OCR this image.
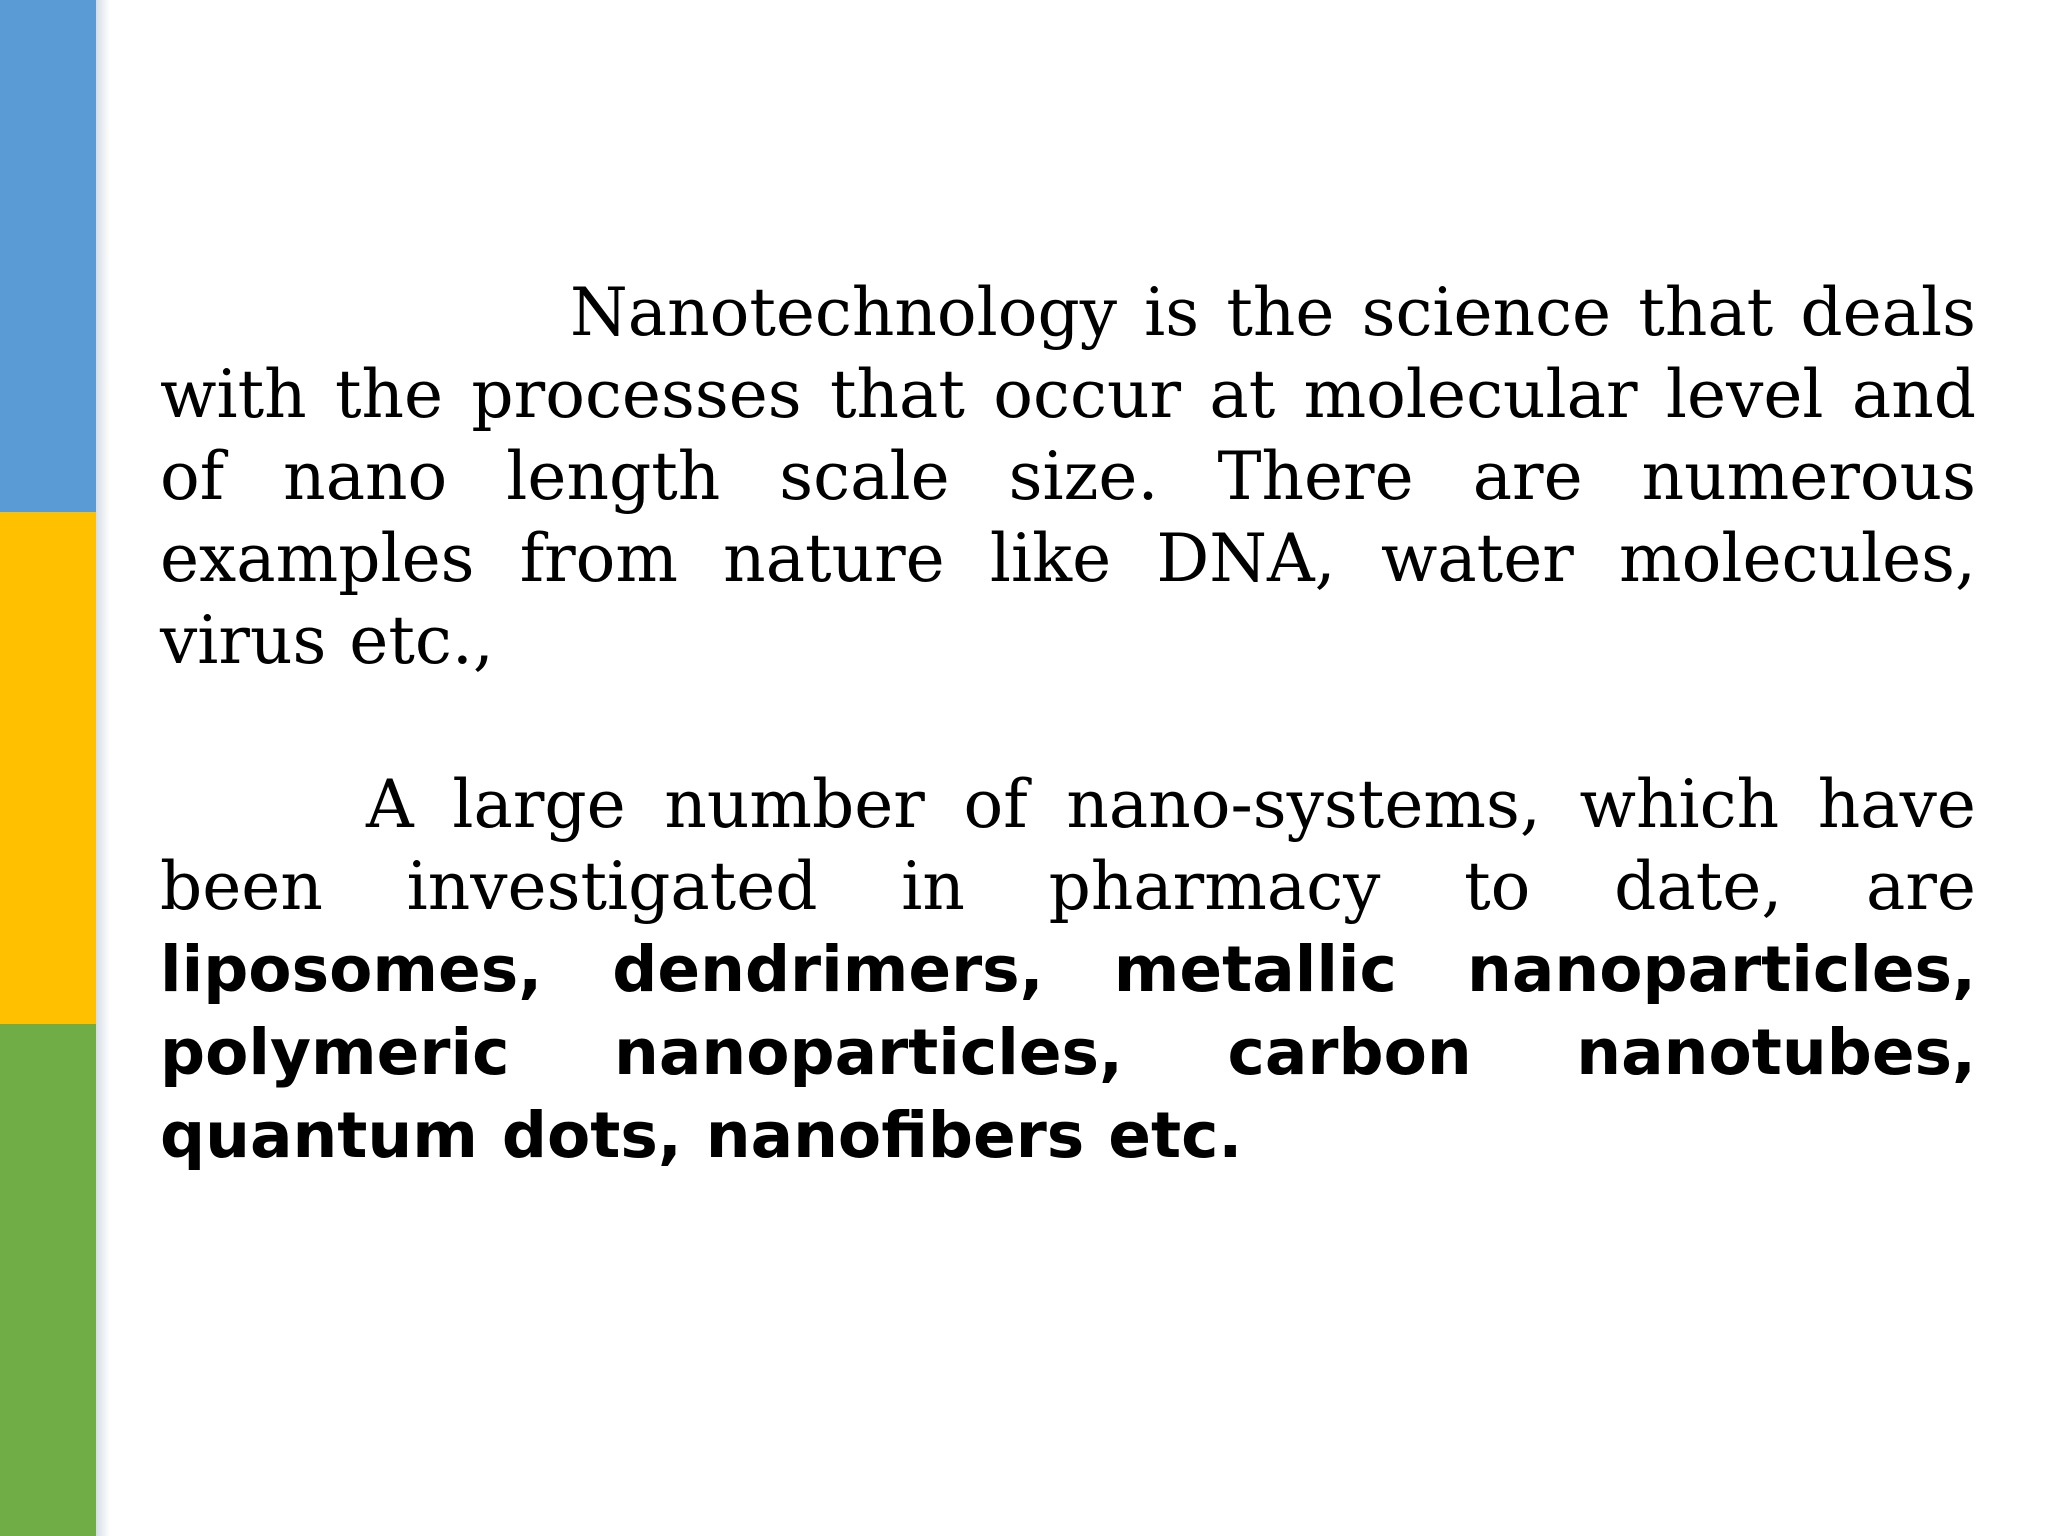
Nanotechnology is the science that deals with the processes that occur at molecular level and of nano length scale size. There are numerous examples from nature like DNA, water molecules, virus etc.,

A large number of nano-systems, which have been investigated in pharmacy to date, are liposomes, dendrimers, metallic nanoparticles, polymeric nanoparticles, carbon nanotubes, quantum dots, nanofibers etc.
